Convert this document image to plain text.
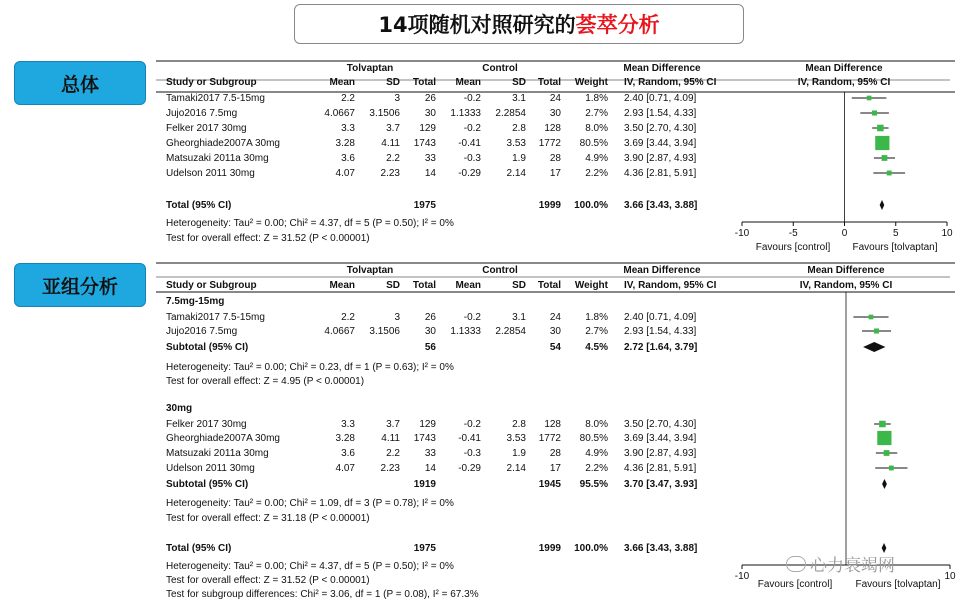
14项随机对照研究的 荟萃分析
总体
亚组分析
Tolvaptan	Control	Mean Difference	Mean Difference
Study or Subgroup	Mean	SD Total Mean	SD Total Weight IV, Random, 95% CI	IV, Random, 95% CI
Tamaki2017 7.5-15mg	2.2	3 26	-0.2	3.1 24 1.8% 2.40 [0.71, 4.09]
Jujo2016 7.5mg	4.0667 3.1506 30 1.1333 2.2854 30 2.7% 2.93 [1.54, 4.33]
Felker 2017 30mg	3.3	3.7 129	-0.2	2.8 128 8.0% 3.50 [2.70, 4.30]
Gheorghiade2007A 30mg	3.28	4.11 1743 -0.41	3.53 1772 80.5% 3.69 [3.44, 3.94]
Matsuzaki 2011a 30mg	3.6	2.2 33	-0.3	1.9 28 4.9% 3.90 [2.87, 4.93]
Udelson 2011 30mg	4.07	2.23 14 -0.29	2.14 17 2.2% 4.36 [2.81, 5.91]
Total (95% CI)	1975	1999 100.0% 3.66 [3.43, 3.88]
Heterogeneity: Tau² = 0.00; Chi² = 4.37, df = 5 (P = 0.50); I² = 0%
Test for overall effect: Z = 31.52 (P < 0.00001)	-10	-5	0	5	10
Favours [control] Favours [tolvaptan]
Tolvaptan	Control	Mean Difference	Mean Difference
Study or Subgroup	Mean	SD Total Mean	SD Total Weight IV, Random, 95% CI	IV, Random, 95% CI
7.5mg-15mg
Tamaki2017 7.5-15mg	2.2	3 26	-0.2	3.1 24 1.8% 2.40 [0.71, 4.09]
Jujo2016 7.5mg	4.0667 3.1506 30 1.1333 2.2854 30 2.7% 2.93 [1.54, 4.33]
Subtotal (95% CI)	56	54 4.5% 2.72 [1.64, 3.79]
Heterogeneity: Tau² = 0.00; Chi² = 0.23, df = 1 (P = 0.63); I² = 0%
Test for overall effect: Z = 4.95 (P < 0.00001)
30mg
Felker 2017 30mg	3.3	3.7 129	-0.2	2.8 128 8.0% 3.50 [2.70, 4.30]
Gheorghiade2007A 30mg	3.28	4.11 1743 -0.41	3.53 1772 80.5% 3.69 [3.44, 3.94]
Matsuzaki 2011a 30mg	3.6	2.2 33	-0.3	1.9 28 4.9% 3.90 [2.87, 4.93]
Udelson 2011 30mg	4.07	2.23 14 -0.29	2.14 17 2.2% 4.36 [2.81, 5.91]
Subtotal (95% CI)	1919	1945 95.5% 3.70 [3.47, 3.93]
Heterogeneity: Tau² = 0.00; Chi² = 1.09, df = 3 (P = 0.78); I² = 0%
Test for overall effect: Z = 31.18 (P < 0.00001)
Total (95% CI)	1975	1999 100.0% 3.66 [3.43, 3.88]
Heterogeneity: Tau² = 0.00; Chi² = 4.37, df = 5 (P = 0.50); I² = 0%
Test for overall effect: Z = 31.52 (P < 0.00001)
Test for subgroup differences: Chi² = 3.06, df = 1 (P = 0.08), I² = 67.3%
-10	10
Favours [control] Favours [tolvaptan]
心力衰竭网
